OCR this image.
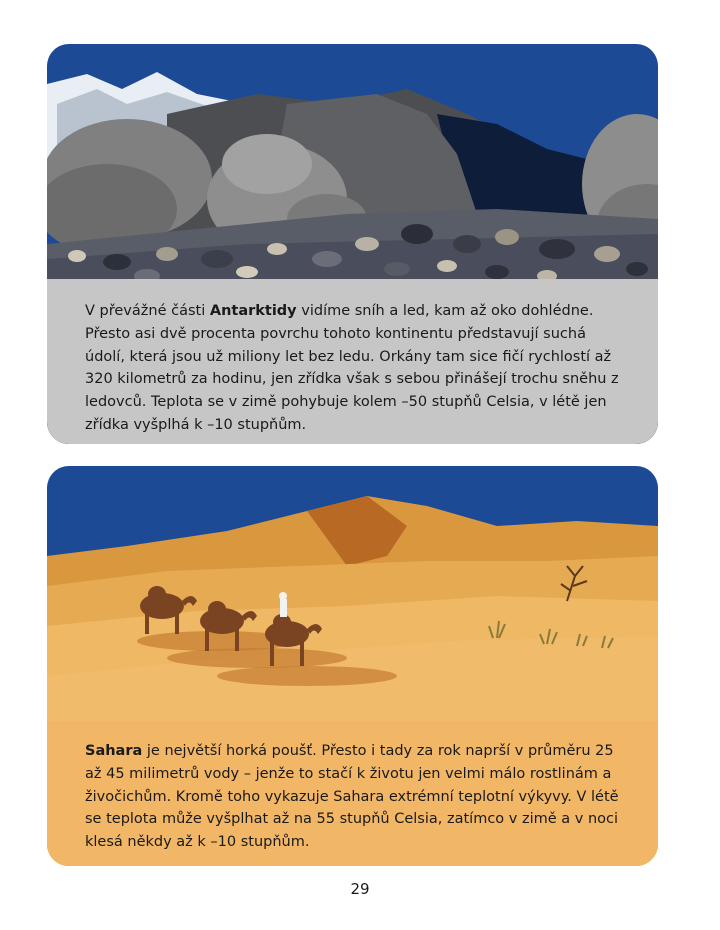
V převážné části Antarktidy vidíme sníh a led, kam až oko dohlédne. Přesto asi dvě procenta povrchu tohoto kontinentu představují suchá údolí, která jsou už miliony let bez ledu. Orkány tam sice fičí rychlostí až 320 kilometrů za hodinu, jen zřídka však s sebou přinášejí trochu sněhu z ledovců. Teplota se v zimě pohybuje kolem –50 stupňů Celsia, v létě jen zřídka vyšplhá k –10 stupňům.
Sahara je největší horká poušť. Přesto i tady za rok naprší v průměru 25 až 45 milimetrů vody – jenže to stačí k životu jen velmi málo rostlinám a živočichům. Kromě toho vykazuje Sahara extrémní teplotní výkyvy. V létě se teplota může vyšplhat až na 55 stupňů Celsia, zatímco v zimě a v noci klesá někdy až k –10 stupňům.
29
